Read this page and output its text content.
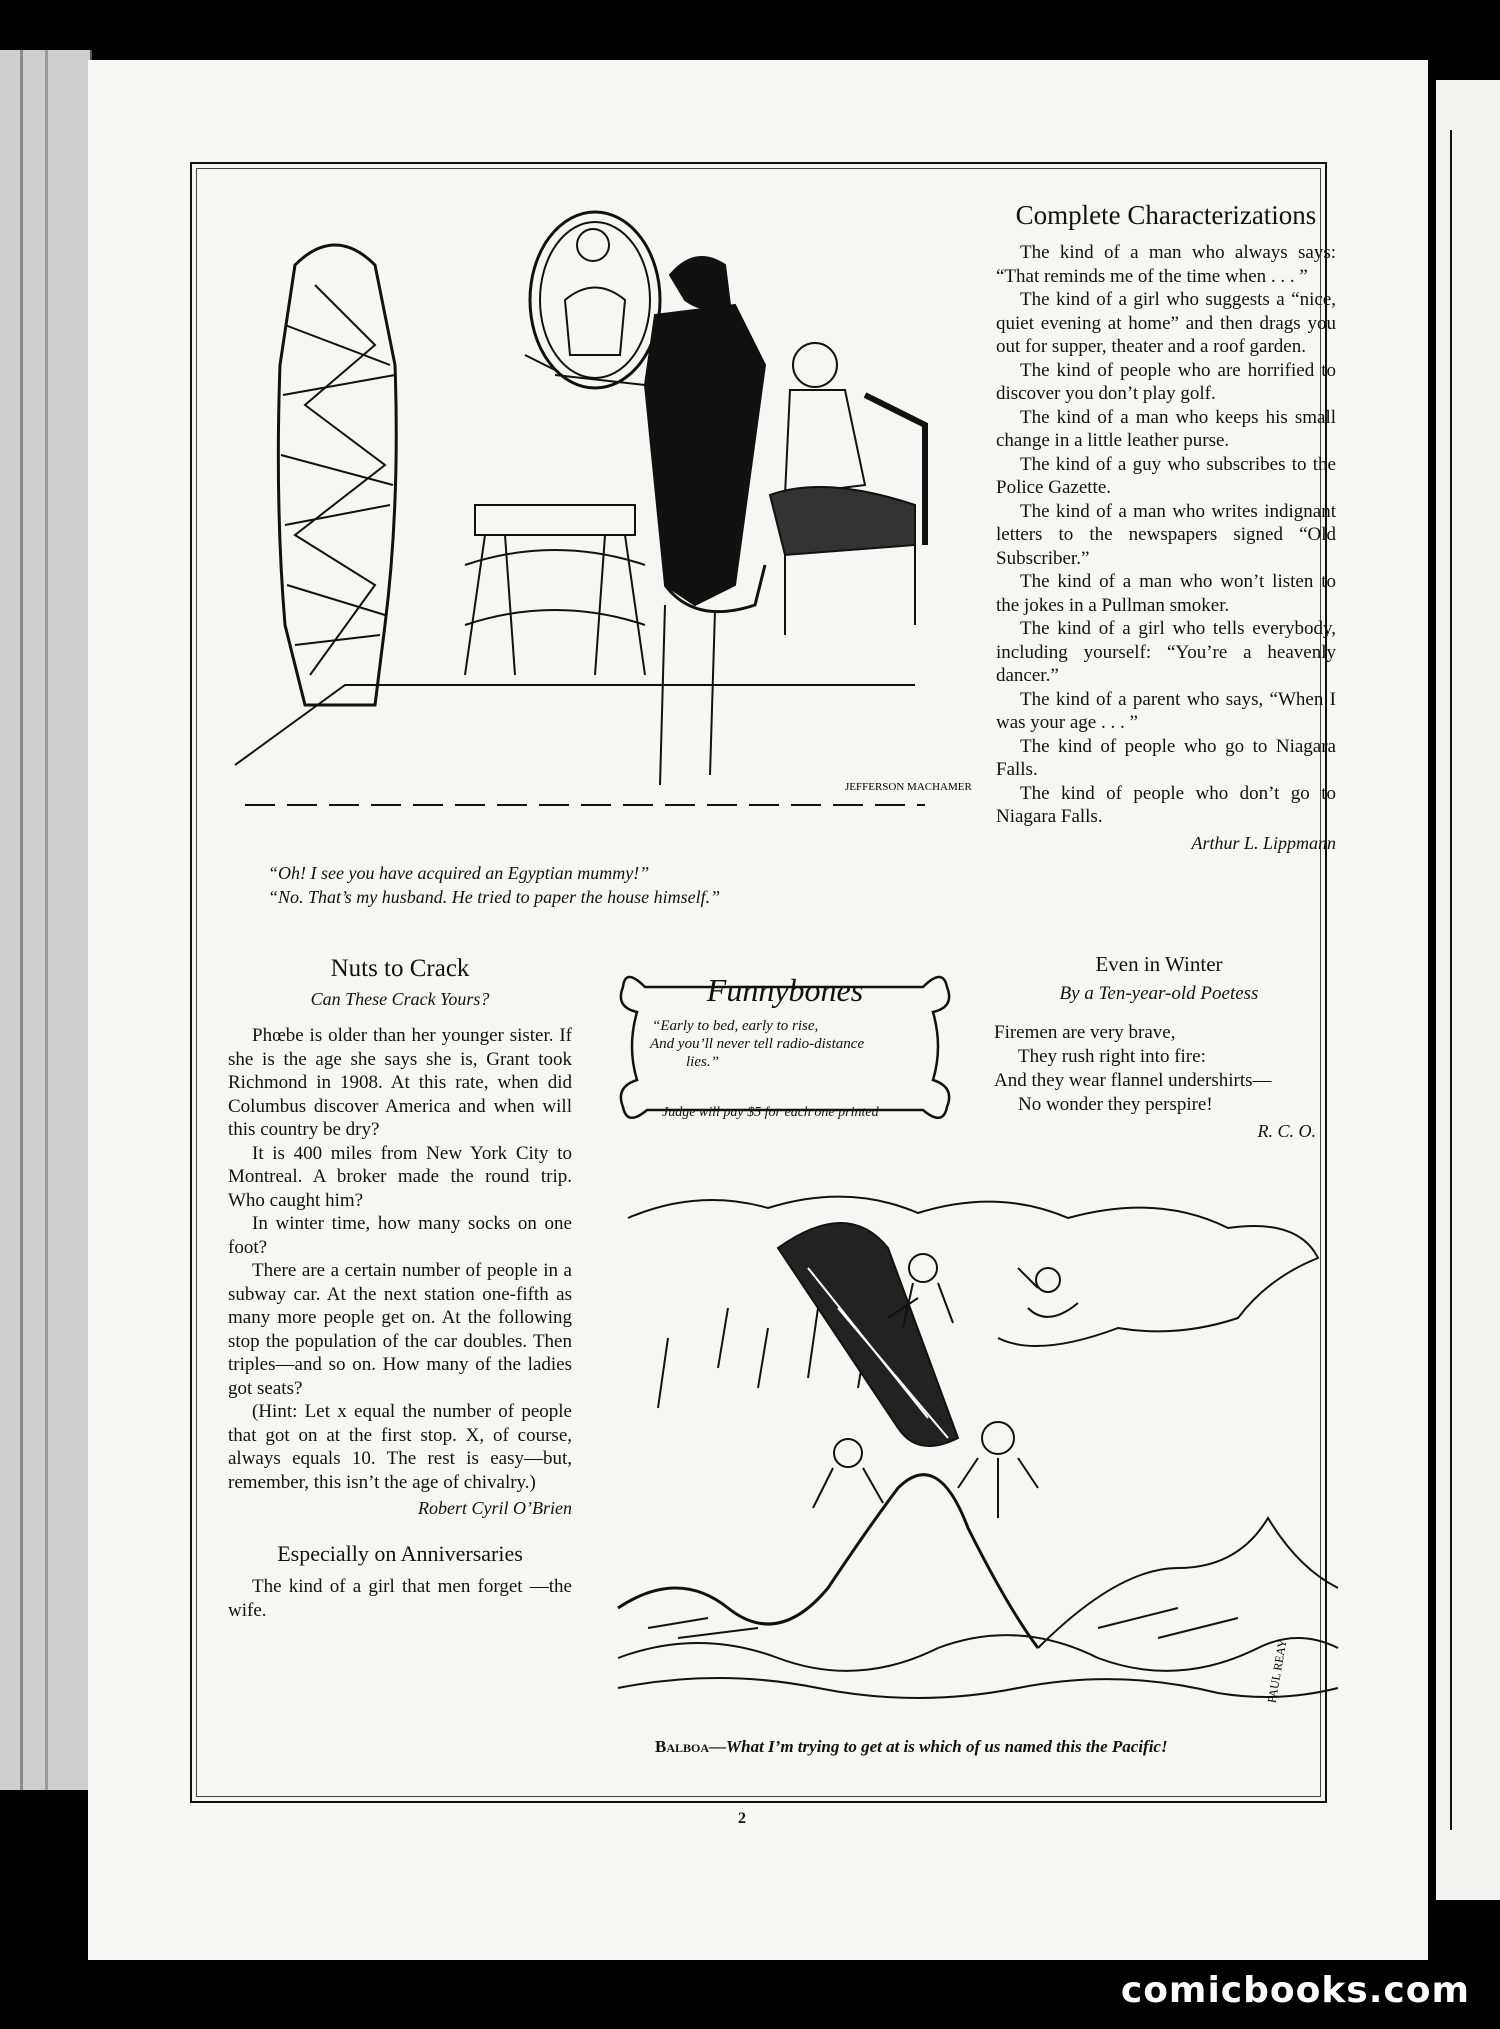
JEFFERSON MACHAMER
“Oh! I see you have acquired an Egyptian mummy!”
“No. That’s my husband. He tried to paper the house himself.”
Complete Characterizations

The kind of a man who always says: “That reminds me of the time when . . . ”

The kind of a girl who suggests a “nice, quiet evening at home” and then drags you out for supper, theater and a roof garden.

The kind of people who are horrified to discover you don’t play golf.

The kind of a man who keeps his small change in a little leather purse.

The kind of a guy who subscribes to the Police Gazette.

The kind of a man who writes indignant letters to the newspapers signed “Old Subscriber.”

The kind of a man who won’t listen to the jokes in a Pullman smoker.

The kind of a girl who tells everybody, including yourself: “You’re a heavenly dancer.”

The kind of a parent who says, “When I was your age . . . ”

The kind of people who go to Niagara Falls.

The kind of people who don’t go to Niagara Falls.

Arthur L. Lippmann
Nuts to Crack
Can These Crack Yours?

Phœbe is older than her younger sister. If she is the age she says she is, Grant took Richmond in 1908. At this rate, when did Columbus discover America and when will this country be dry?

It is 400 miles from New York City to Montreal. A broker made the round trip. Who caught him?

In winter time, how many socks on one foot?

There are a certain number of people in a subway car. At the next station one-fifth as many more people get on. At the following stop the population of the car doubles. Then triples—and so on. How many of the ladies got seats?

(Hint: Let x equal the number of people that got on at the first stop. X, of course, always equals 10. The rest is easy—but, remember, this isn’t the age of chivalry.)

Robert Cyril O’Brien
Especially on Anniversaries

The kind of a girl that men forget —the wife.

Funnybones
“Early to bed, early to rise,
And you’ll never tell radio-distance
lies.”
Judge will pay $5 for each one printed
Even in Winter
By a Ten-year-old Poetess

Firemen are very brave,

They rush right into fire:

And they wear flannel undershirts—

No wonder they perspire!

R. C. O.
PAUL REAY
Balboa—What I’m trying to get at is which of us named this the Pacific!
2
comicbooks.com
